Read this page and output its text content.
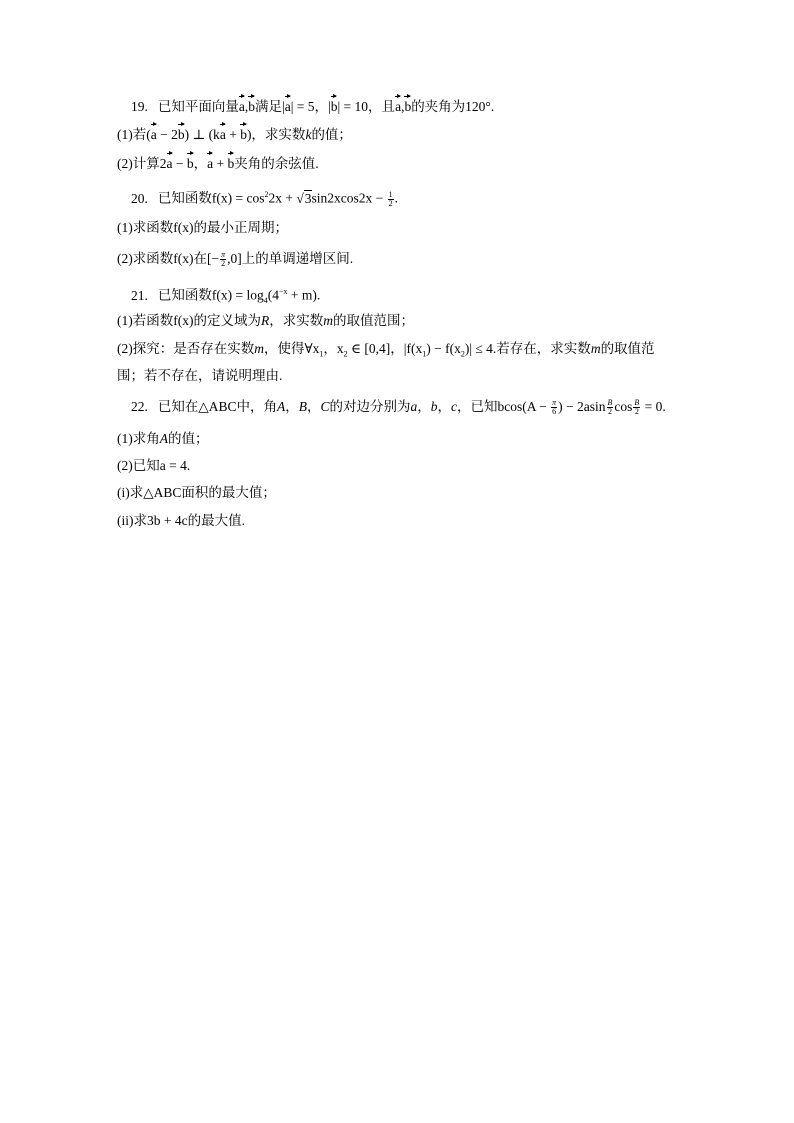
19. 已知平面向量a,b满足|a| = 5，|b| = 10，且a,b的夹角为120°.
(1)若(a − 2b) ⊥ (ka + b)，求实数k的值；
(2)计算2a − b，a + b夹角的余弦值.
20. 已知函数$f(x) = \cos^22x + √3\sin 2xcos2x - \frac{1}{2}$ .
(1)求函数f(x)的最小正周期；
(2)求函数f(x)在[− $\frac{\pi}{2} ,0$]上的单调递增区间.
21. 已知函数$f(x) = \log_4(4^{-x} + m)$.
(1)若函数f(x)的定义域为R，求实数m的取值范围；
(2)探究：是否存在实数m，使得$\forall x_1$，$x_2$ ∈ [0,4]，$|f(x_1) - f(x_2)| \le 4$.若存在，求实数m的取值范
围；若不存在，请说明理由.
22. 已知在△ABC中，角A，B，C的对边分别为a，b，c，已知$bcos(A - \frac{\pi}{6}$ ) − $2asin \frac{B}{2}$ $\cos \frac{B}{2} = 0$.
(1)求角A的值；
(2)已知a = 4.
(i)求△ABC面积的最大值；
(ii)求3b + 4c的最大值.
